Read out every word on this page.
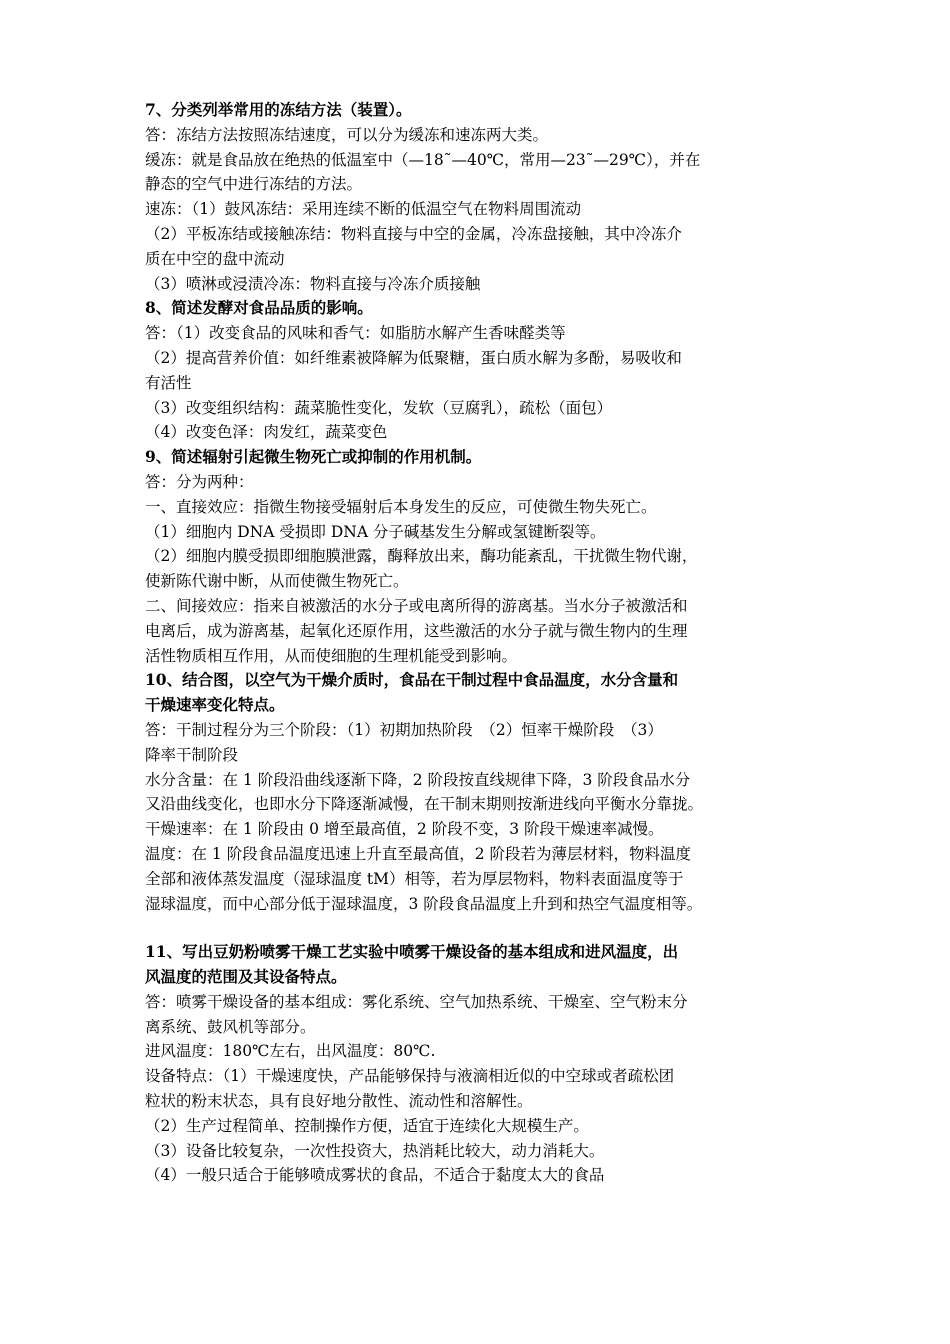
7、分类列举常用的冻结方法（装置）。
答：冻结方法按照冻结速度，可以分为缓冻和速冻两大类。
缓冻：就是食品放在绝热的低温室中（—18˜—40℃，常用—23˜—29℃），并在
静态的空气中进行冻结的方法。
速冻：（1）鼓风冻结：采用连续不断的低温空气在物料周围流动
（2）平板冻结或接触冻结：物料直接与中空的金属，冷冻盘接触，其中冷冻介
质在中空的盘中流动
（3）喷淋或浸渍冷冻：物料直接与冷冻介质接触
8、简述发酵对食品品质的影响。
答：（1）改变食品的风味和香气：如脂肪水解产生香味醛类等
（2）提高营养价值：如纤维素被降解为低聚糖，蛋白质水解为多酚，易吸收和
有活性
（3）改变组织结构：蔬菜脆性变化，发软（豆腐乳），疏松（面包）
（4）改变色泽：肉发红，蔬菜变色
9、简述辐射引起微生物死亡或抑制的作用机制。
答：分为两种：
一、直接效应：指微生物接受辐射后本身发生的反应，可使微生物失死亡。
（1）细胞内 DNA 受损即 DNA 分子碱基发生分解或氢键断裂等。
（2）细胞内膜受损即细胞膜泄露，酶释放出来，酶功能紊乱，干扰微生物代谢，
使新陈代谢中断，从而使微生物死亡。
二、间接效应：指来自被激活的水分子或电离所得的游离基。当水分子被激活和
电离后，成为游离基，起氧化还原作用，这些激活的水分子就与微生物内的生理
活性物质相互作用，从而使细胞的生理机能受到影响。
10、结合图，以空气为干燥介质时，食品在干制过程中食品温度，水分含量和
干燥速率变化特点。
答：干制过程分为三个阶段：（1）初期加热阶段　（2）恒率干燥阶段　（3）
降率干制阶段
水分含量：在 1 阶段沿曲线逐渐下降，2 阶段按直线规律下降，3 阶段食品水分
又沿曲线变化，也即水分下降逐渐减慢，在干制末期则按渐进线向平衡水分靠拢。
干燥速率：在 1 阶段由 0 增至最高值，2 阶段不变，3 阶段干燥速率减慢。
温度：在 1 阶段食品温度迅速上升直至最高值，2 阶段若为薄层材料，物料温度
全部和液体蒸发温度（湿球温度 tM）相等，若为厚层物料，物料表面温度等于
湿球温度，而中心部分低于湿球温度，3 阶段食品温度上升到和热空气温度相等。
11、写出豆奶粉喷雾干燥工艺实验中喷雾干燥设备的基本组成和进风温度，出
风温度的范围及其设备特点。
答：喷雾干燥设备的基本组成：雾化系统、空气加热系统、干燥室、空气粉末分
离系统、鼓风机等部分。
进风温度：180℃左右，出风温度：80℃.
设备特点：（1）干燥速度快，产品能够保持与液滴相近似的中空球或者疏松团
粒状的粉末状态，具有良好地分散性、流动性和溶解性。
（2）生产过程简单、控制操作方便，适宜于连续化大规模生产。
（3）设备比较复杂，一次性投资大，热消耗比较大，动力消耗大。
（4）一般只适合于能够喷成雾状的食品，不适合于黏度太大的食品
